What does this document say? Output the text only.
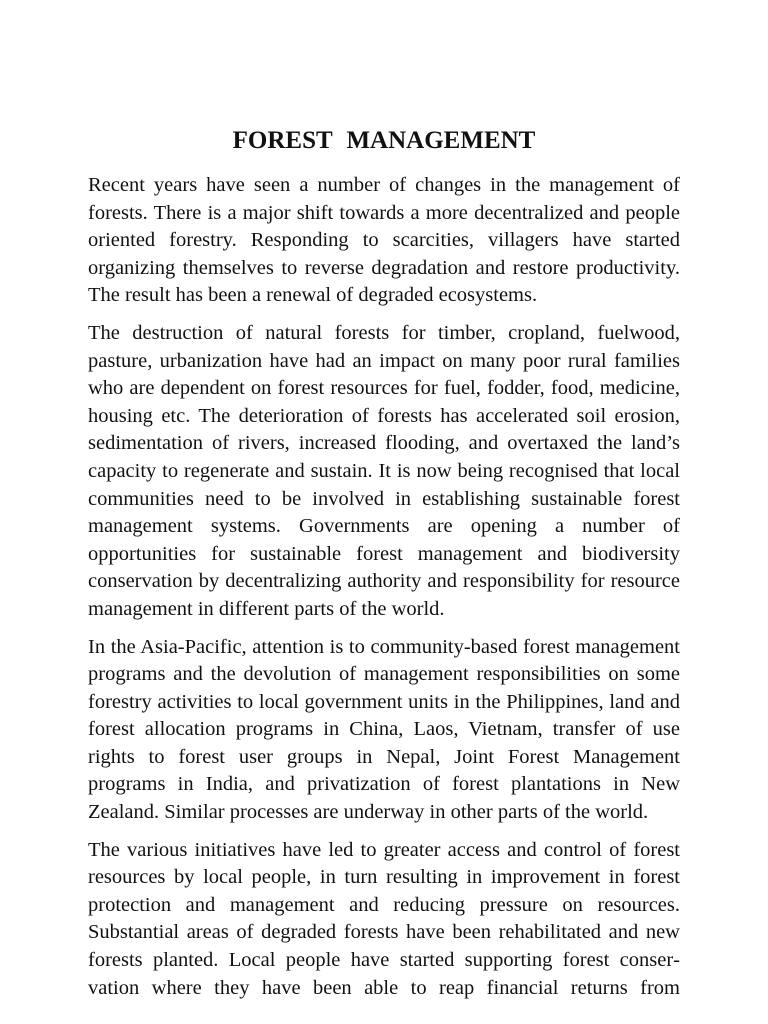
FOREST MANAGEMENT

Recent years have seen a number of changes in the management of forests. There is a major shift towards a more decentralized and people oriented forestry. Responding to scarcities, villagers have started organizing themselves to reverse degradation and restore productivity. The result has been a renewal of degraded ecosystems.

The destruction of natural forests for timber, cropland, fuelwood, pasture, urbanization have had an impact on many poor rural families who are dependent on forest resources for fuel, fodder, food, medicine, housing etc. The deterioration of forests has accelerated soil erosion, sedimentation of rivers, increased flooding, and overtaxed the land’s capacity to regenerate and sustain. It is now being recognised that local communities need to be involved in establishing sustainable forest management systems. Governments are opening a number of opportunities for sustainable forest management and biodiversity conservation by decentralizing authority and responsibility for resource management in different parts of the world.

In the Asia-Pacific, attention is to community-based forest management programs and the devolution of management responsibilities on some forestry activities to local government units in the Philippines, land and forest allocation programs in China, Laos, Vietnam, transfer of use rights to forest user groups in Nepal, Joint Forest Management programs in India, and privatization of forest plantations in New Zealand. Similar processes are underway in other parts of the world.

The various initiatives have led to greater access and control of forest resources by local people, in turn resulting in improvement in forest protection and management and reducing pressure on resources. Substantial areas of degraded forests have been rehabilitated and new forests planted. Local people have started supporting forest conservation where they have been able to reap financial returns from
